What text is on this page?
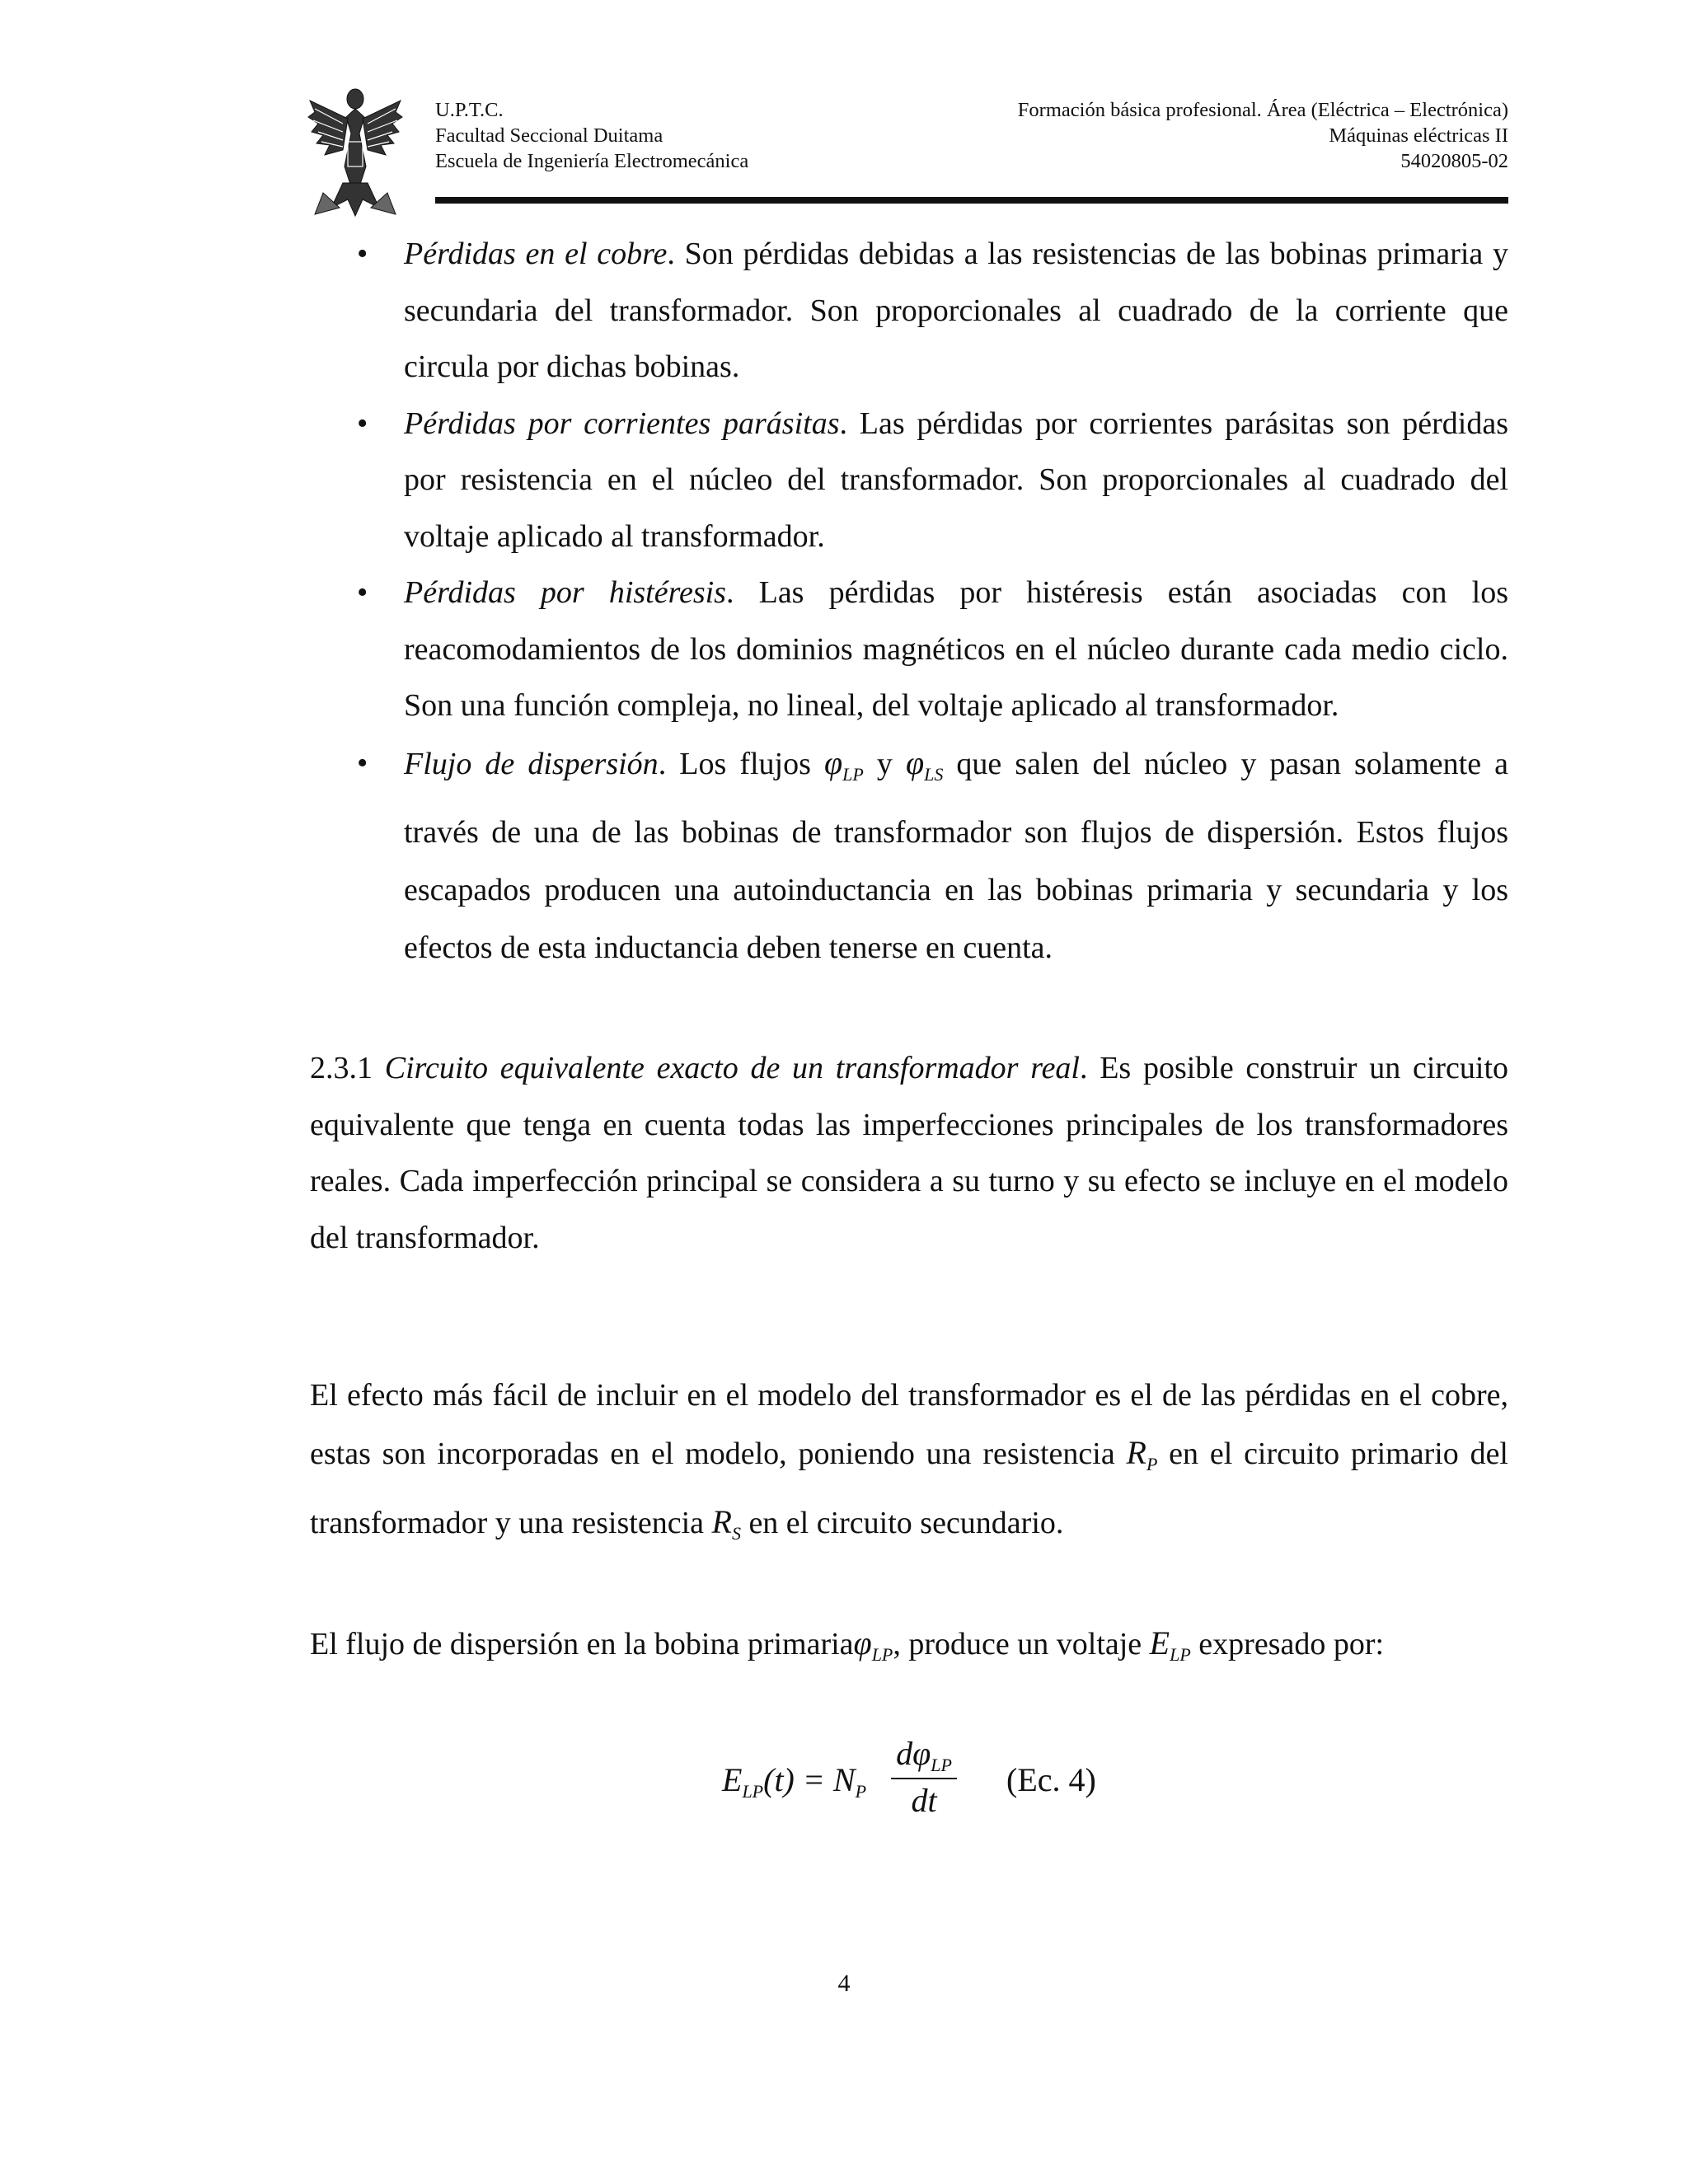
U.P.T.C.
Facultad Seccional Duitama
Escuela de Ingeniería Electromecánica
Formación básica profesional. Área (Eléctrica – Electrónica)
Máquinas eléctricas II
54020805-02
• Pérdidas en el cobre. Son pérdidas debidas a las resistencias de las bobinas primaria y secundaria del transformador. Son proporcionales al cuadrado de la corriente que circula por dichas bobinas.

• Pérdidas por corrientes parásitas. Las pérdidas por corrientes parásitas son pérdidas por resistencia en el núcleo del transformador. Son proporcionales al cuadrado del voltaje aplicado al transformador.

• Pérdidas por histéresis. Las pérdidas por histéresis están asociadas con los reacomodamientos de los dominios magnéticos en el núcleo durante cada medio ciclo. Son una función compleja, no lineal, del voltaje aplicado al transformador.

• Flujo de dispersión. Los flujos $\varphi_{LP}$ y $\varphi_{LS}$ que salen del núcleo y pasan solamente a través de una de las bobinas de transformador son flujos de dispersión. Estos flujos escapados producen una autoinductancia en las bobinas primaria y secundaria y los efectos de esta inductancia deben tenerse en cuenta.

2.3.1 Circuito equivalente exacto de un transformador real. Es posible construir un circuito equivalente que tenga en cuenta todas las imperfecciones principales de los transformadores reales. Cada imperfección principal se considera a su turno y su efecto se incluye en el modelo del transformador.

El efecto más fácil de incluir en el modelo del transformador es el de las pérdidas en el cobre, estas son incorporadas en el modelo, poniendo una resistencia $R_P$ en el circuito primario del transformador y una resistencia $R_S$ en el circuito secundario.

El flujo de dispersión en la bobina primariaφ$_{LP}$, produce un voltaje $E_{LP}$ expresado por:

$E_{LP}(t) = N_P$
$d\varphi_{LP}$
dt
(Ec. 4)
4
